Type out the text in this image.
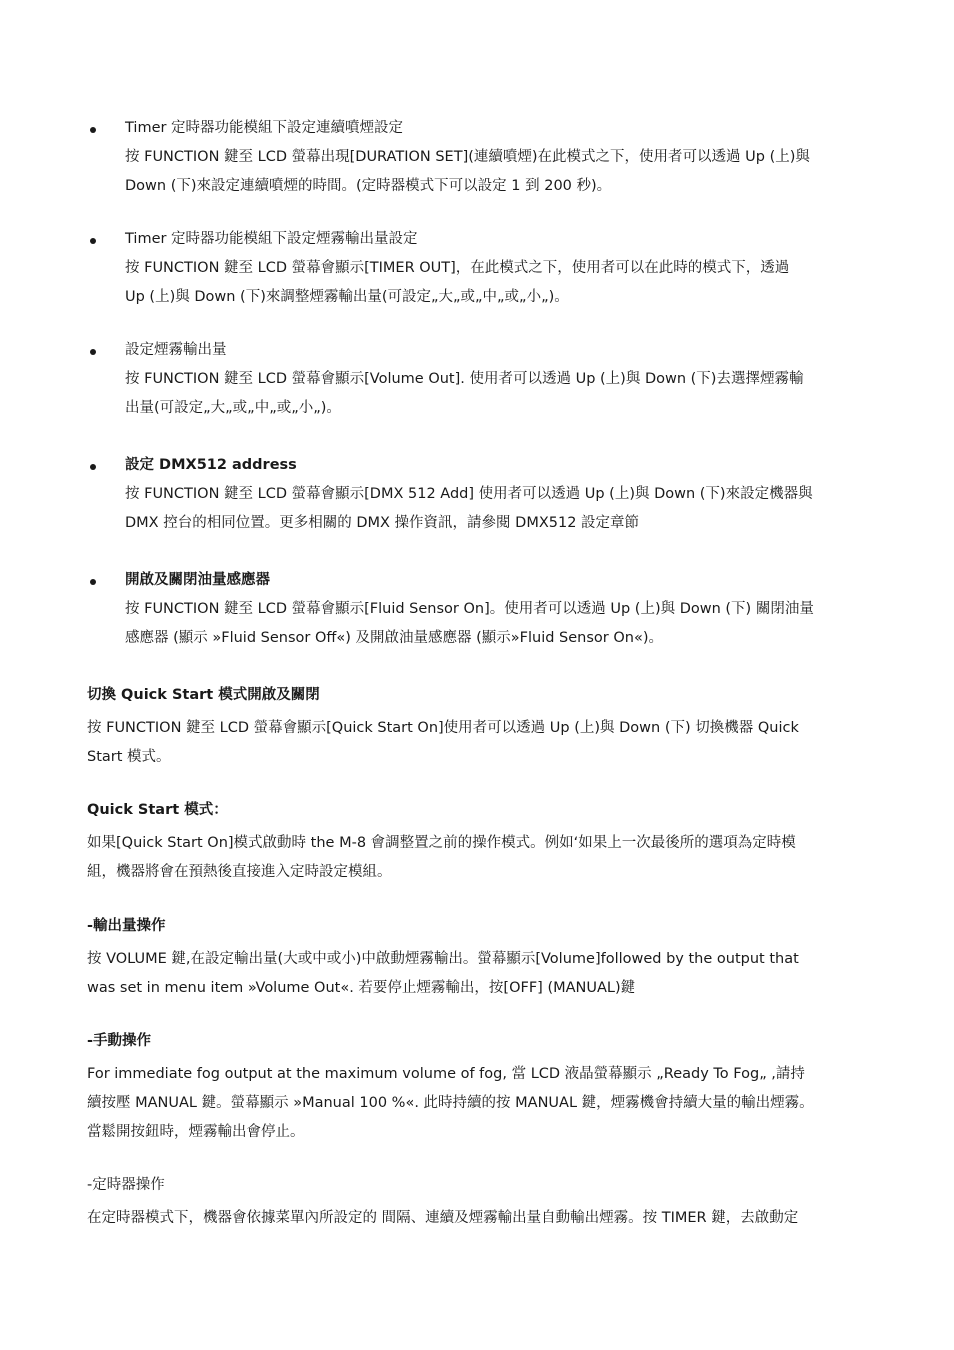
Timer 定時器功能模組下設定連續噴煙設定
按 FUNCTION 鍵至 LCD 螢幕出現[DURATION SET](連續噴煙)在此模式之下，使用者可以透過 Up (上)與
Down (下)來設定連續噴煙的時間。(定時器模式下可以設定 1 到 200 秒)。
Timer 定時器功能模組下設定煙霧輸出量設定
按 FUNCTION 鍵至 LCD 螢幕會顯示[TIMER OUT]，在此模式之下，使用者可以在此時的模式下，透過
Up (上)與 Down (下)來調整煙霧輸出量(可設定„大„或„中„或„小„)。
設定煙霧輸出量
按 FUNCTION 鍵至 LCD 螢幕會顯示[Volume Out]. 使用者可以透過 Up (上)與 Down (下)去選擇煙霧輸
出量(可設定„大„或„中„或„小„)。
設定 DMX512 address
按 FUNCTION 鍵至 LCD 螢幕會顯示[DMX 512 Add] 使用者可以透過 Up (上)與 Down (下)來設定機器與
DMX 控台的相同位置。更多相關的 DMX 操作資訊，請參閱 DMX512 設定章節
開啟及關閉油量感應器
按 FUNCTION 鍵至 LCD 螢幕會顯示[Fluid Sensor On]。使用者可以透過 Up (上)與 Down (下) 關閉油量
感應器 (顯示 »Fluid Sensor Off«) 及開啟油量感應器 (顯示»Fluid Sensor On«)。
切換 Quick Start 模式開啟及關閉
按 FUNCTION 鍵至 LCD 螢幕會顯示[Quick Start On]使用者可以透過 Up (上)與 Down (下) 切換機器 Quick
Start 模式。
Quick Start 模式：
如果[Quick Start On]模式啟動時 the M-8 會調整置之前的操作模式。例如‘如果上一次最後所的選項為定時模
組，機器將會在預熱後直接進入定時設定模組。
-輸出量操作
按 VOLUME 鍵,在設定輸出量(大或中或小)中啟動煙霧輸出。螢幕顯示[Volume]followed by the output that
was set in menu item »Volume Out«. 若要停止煙霧輸出，按[OFF] (MANUAL)鍵
-手動操作
For immediate fog output at the maximum volume of fog, 當 LCD 液晶螢幕顯示 „Ready To Fog„ ,請持
續按壓 MANUAL 鍵。螢幕顯示 »Manual 100 %«. 此時持續的按 MANUAL 鍵，煙霧機會持續大量的輸出煙霧。
當鬆開按鈕時，煙霧輸出會停止。
-定時器操作
在定時器模式下，機器會依據菜單內所設定的 間隔、連續及煙霧輸出量自動輸出煙霧。按 TIMER 鍵，去啟動定
